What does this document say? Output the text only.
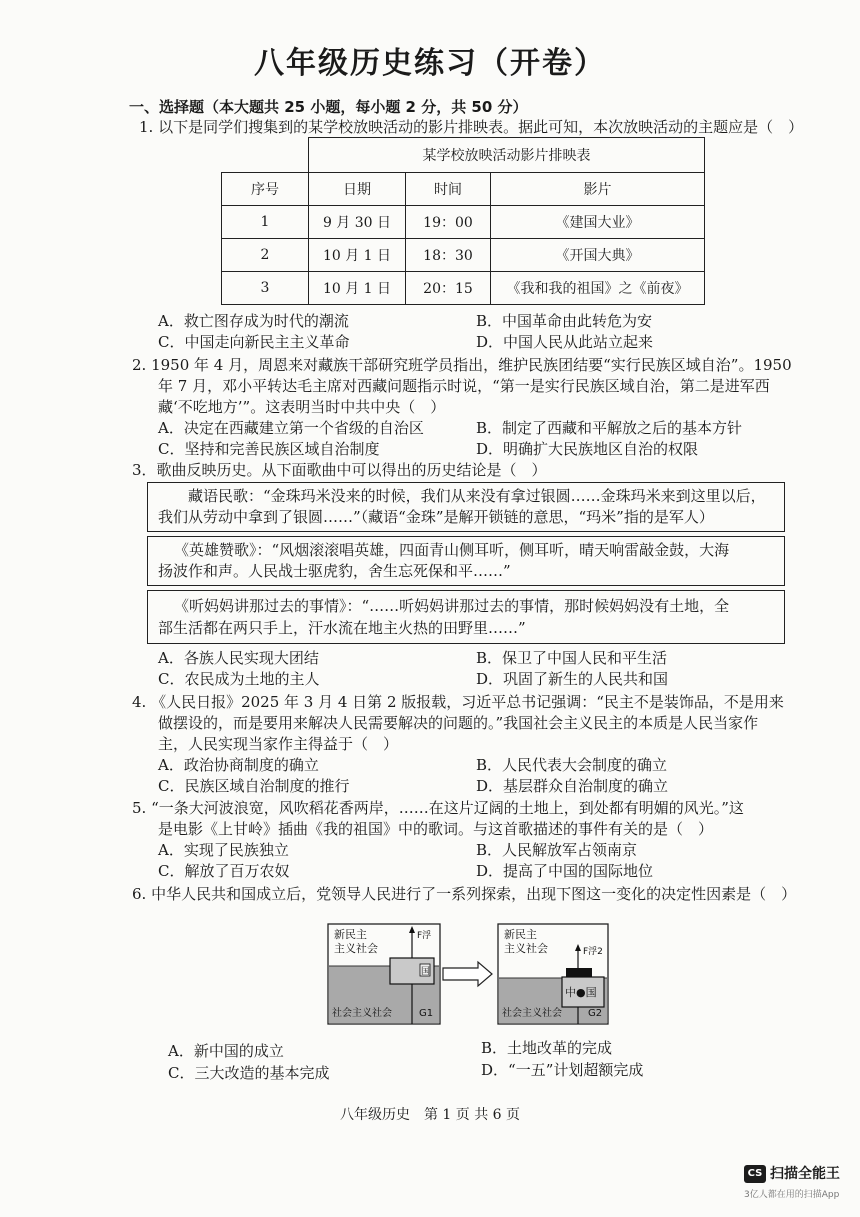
八年级历史练习（开卷）
一、选择题（本大题共 25 小题，每小题 2 分，共 50 分）
1. 以下是同学们搜集到的某学校放映活动的影片排映表。据此可知，本次放映活动的主题应是（　）
	某学校放映活动影片排映表		
序号	日期	时间	影片
1	9 月 30 日	19：00	《建国大业》
2	10 月 1 日	18：30	《开国大典》
3	10 月 1 日	20：15	《我和我的祖国》之《前夜》
A．救亡图存成为时代的潮流	B．中国革命由此转危为安
C．中国走向新民主主义革命	D．中国人民从此站立起来
2. 1950 年 4 月，周恩来对藏族干部研究班学员指出，维护民族团结要“实行民族区域自治”。1950
年 7 月，邓小平转达毛主席对西藏问题指示时说，“第一是实行民族区域自治，第二是进军西
藏‘不吃地方’”。这表明当时中共中央（　）
A．决定在西藏建立第一个省级的自治区	B．制定了西藏和平解放之后的基本方针
C．坚持和完善民族区域自治制度	D．明确扩大民族地区自治的权限
3．歌曲反映历史。从下面歌曲中可以得出的历史结论是（　）
藏语民歌：“金珠玛米没来的时候，我们从来没有拿过银圆……金珠玛米来到这里以后，
我们从劳动中拿到了银圆……”（藏语“金珠”是解开锁链的意思，“玛米”指的是军人）
《英雄赞歌》：“风烟滚滚唱英雄，四面青山侧耳听，侧耳听，晴天响雷敲金鼓，大海
扬波作和声。人民战士驱虎豹，舍生忘死保和平……”
《听妈妈讲那过去的事情》：“……听妈妈讲那过去的事情，那时候妈妈没有土地，全
部生活都在两只手上，汗水流在地主火热的田野里……”
A．各族人民实现大团结	B．保卫了中国人民和平生活
C．农民成为土地的主人	D．巩固了新生的人民共和国
4. 《人民日报》2025 年 3 月 4 日第 2 版报载，习近平总书记强调：“民主不是装饰品，不是用来
做摆设的，而是要用来解决人民需要解决的问题的。”我国社会主义民主的本质是人民当家作
主，人民实现当家作主得益于（　）
A．政治协商制度的确立	B．人民代表大会制度的确立
C．民族区域自治制度的推行	D．基层群众自治制度的确立
5. “一条大河波浪宽，风吹稻花香两岸，……在这片辽阔的土地上，到处都有明媚的风光。”这
是电影《上甘岭》插曲《我的祖国》中的歌词。与这首歌描述的事件有关的是（　）
A．实现了民族独立	B．人民解放军占领南京
C．解放了百万农奴	D．提高了中国的国际地位
6. 中华人民共和国成立后，党领导人民进行了一系列探索，出现下图这一变化的决定性因素是（　）
新民主
主义社会
F浮
国
社会主义社会	G1
新民主
主义社会	F浮2
中●国
社会主义社会	G2
A．新中国的成立	B．土地改革的完成
C．三大改造的基本完成	D．“一五”计划超额完成
八年级历史　第 1 页 共 6 页
CS 扫描全能王
3亿人都在用的扫描App
